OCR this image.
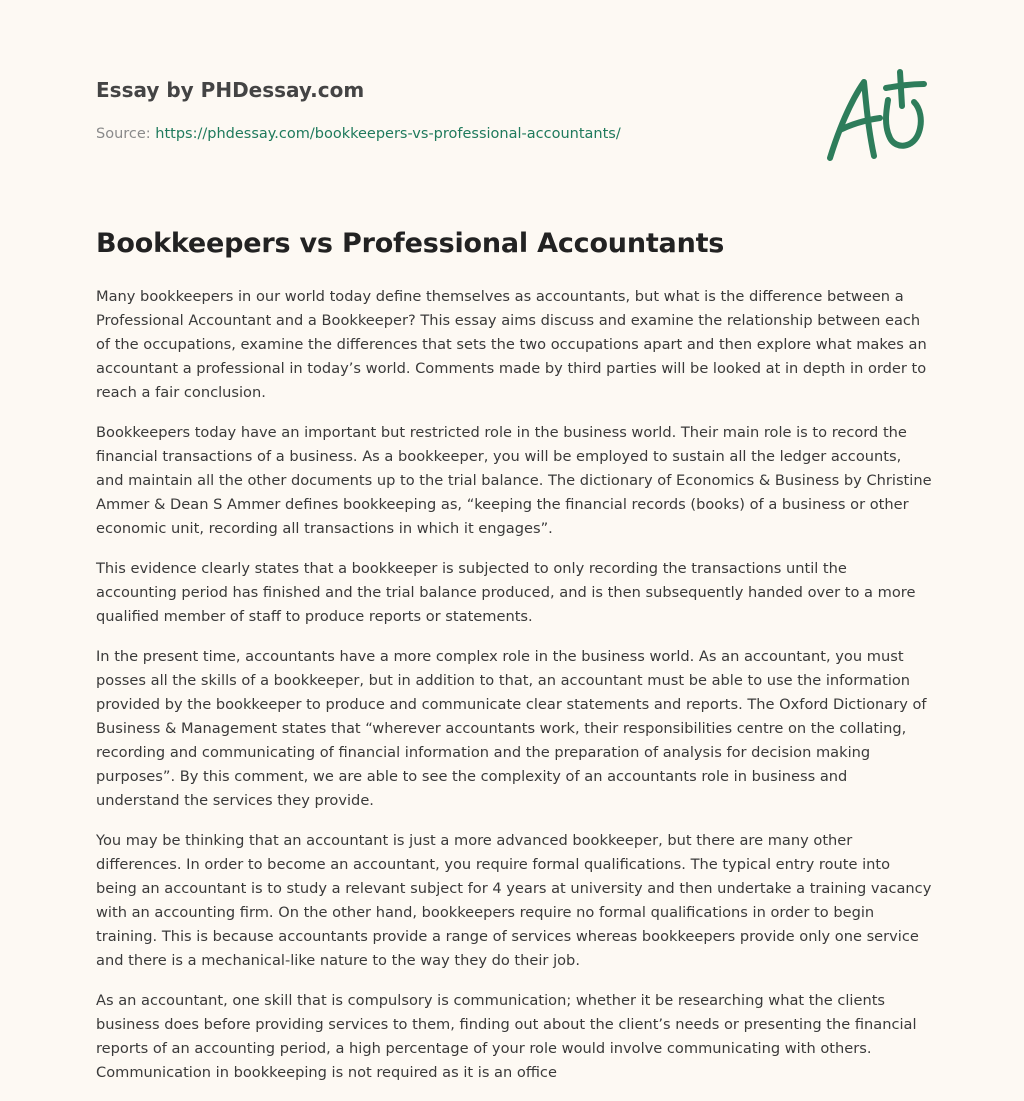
Essay by PHDessay.com
Source: https://phdessay.com/bookkeepers-vs-professional-accountants/
Bookkeepers vs Professional Accountants

Many bookkeepers in our world today define themselves as accountants, but what is the difference between a Professional Accountant and a Bookkeeper? This essay aims discuss and examine the relationship between each of the occupations, examine the differences that sets the two occupations apart and then explore what makes an accountant a professional in today’s world. Comments made by third parties will be looked at in depth in order to reach a fair conclusion.

Bookkeepers today have an important but restricted role in the business world. Their main role is to record the financial transactions of a business. As a bookkeeper, you will be employed to sustain all the ledger accounts, and maintain all the other documents up to the trial balance. The dictionary of Economics & Business by Christine Ammer & Dean S Ammer defines bookkeeping as, “keeping the financial records (books) of a business or other economic unit, recording all transactions in which it engages”.

This evidence clearly states that a bookkeeper is subjected to only recording the transactions until the accounting period has finished and the trial balance produced, and is then subsequently handed over to a more qualified member of staff to produce reports or statements.

In the present time, accountants have a more complex role in the business world. As an accountant, you must posses all the skills of a bookkeeper, but in addition to that, an accountant must be able to use the information provided by the bookkeeper to produce and communicate clear statements and reports. The Oxford Dictionary of Business & Management states that “wherever accountants work, their responsibilities centre on the collating, recording and communicating of financial information and the preparation of analysis for decision making purposes”. By this comment, we are able to see the complexity of an accountants role in business and understand the services they provide.

You may be thinking that an accountant is just a more advanced bookkeeper, but there are many other differences. In order to become an accountant, you require formal qualifications. The typical entry route into being an accountant is to study a relevant subject for 4 years at university and then undertake a training vacancy with an accounting firm. On the other hand, bookkeepers require no formal qualifications in order to begin training. This is because accountants provide a range of services whereas bookkeepers provide only one service and there is a mechanical-like nature to the way they do their job.

As an accountant, one skill that is compulsory is communication; whether it be researching what the clients business does before providing services to them, finding out about the client’s needs or presenting the financial reports of an accounting period, a high percentage of your role would involve communicating with others. Communication in bookkeeping is not required as it is an office
